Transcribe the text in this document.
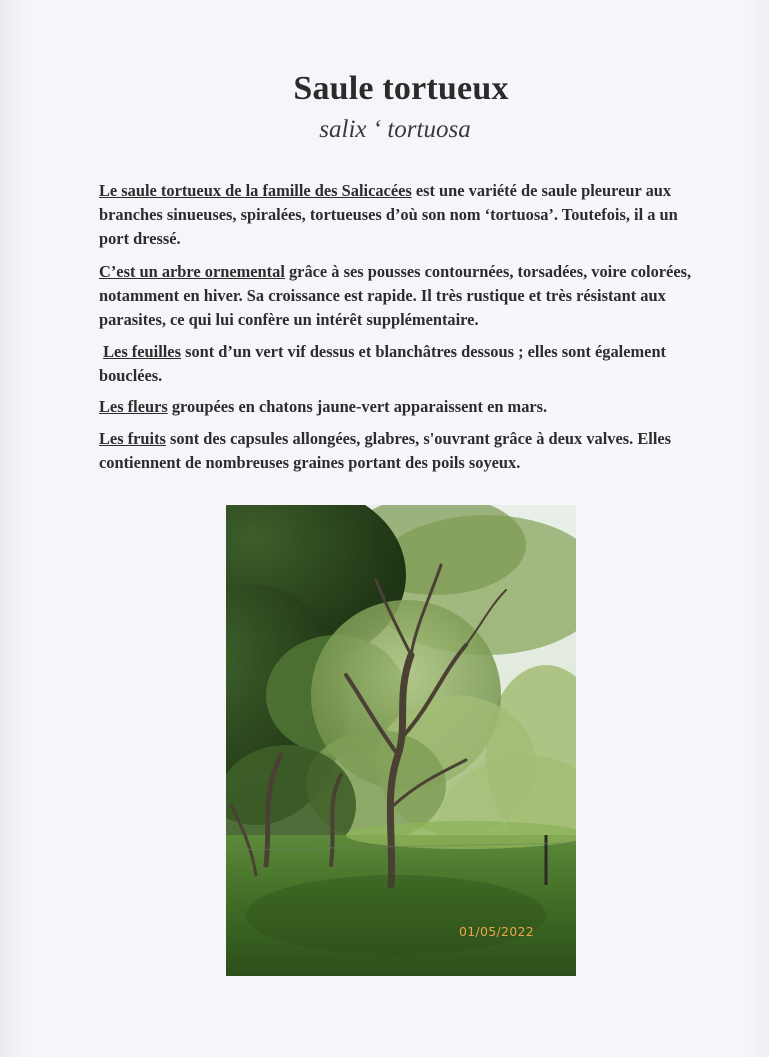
Saule tortueux
salix ‘ tortuosa

Le saule tortueux de la famille des Salicacées est une variété de saule pleureur aux branches sinueuses, spiralées, tortueuses d’où son nom ‘tortuosa’. Toutefois, il a un port dressé.

C’est un arbre ornemental grâce à ses pousses contournées, torsadées, voire colorées, notamment en hiver. Sa croissance est rapide. Il très rustique et très résistant aux parasites, ce qui lui confère un intérêt supplémentaire.

Les feuilles sont d’un vert vif dessus et blanchâtres dessous ; elles sont également bouclées.

Les fleurs groupées en chatons jaune-vert apparaissent en mars.

Les fruits sont des capsules allongées, glabres, s'ouvrant grâce à deux valves. Elles contiennent de nombreuses graines portant des poils soyeux.

01/05/2022
